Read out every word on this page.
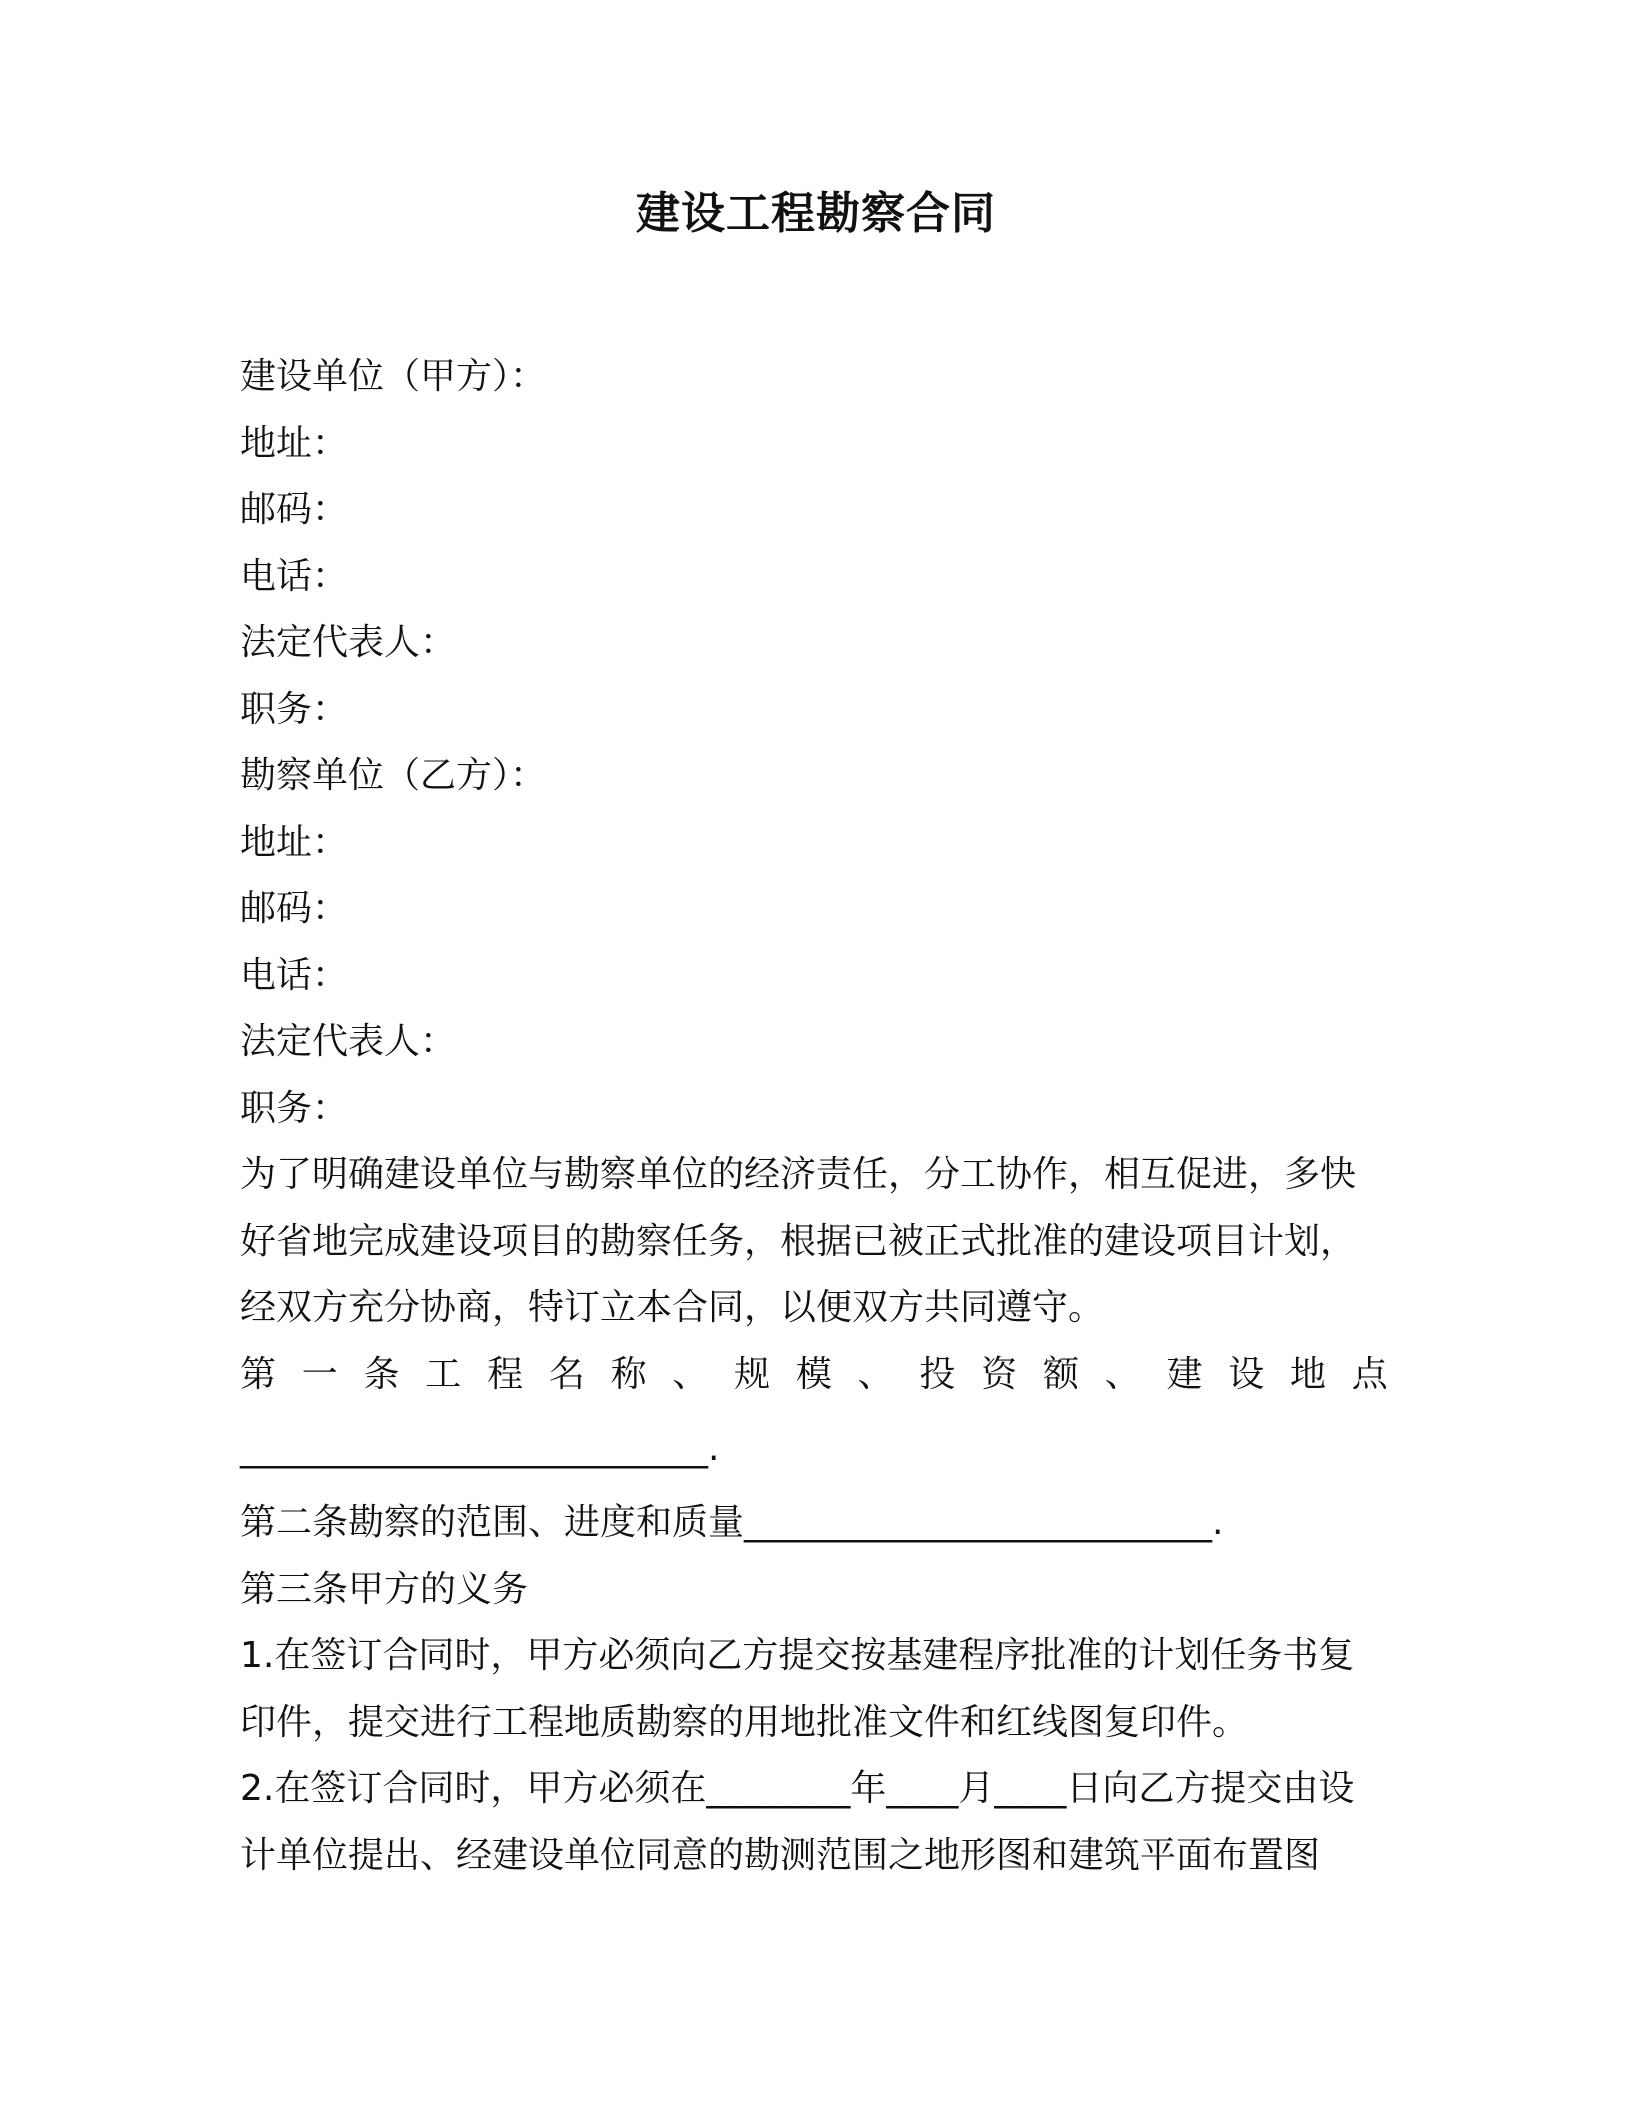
建设工程勘察合同
建设单位（甲方）：
地址：
邮码：
电话：
法定代表人：
职务：
勘察单位（乙方）：
地址：
邮码：
电话：
法定代表人：
职务：

为了明确建设单位与勘察单位的经济责任，分工协作，相互促进，多快好省地完成建设项目的勘察任务，根据已被正式批准的建设项目计划，经双方充分协商，特订立本合同，以便双方共同遵守。

第 一 条 工 程 名 称 、 规 模 、 投 资 额 、 建 设 地 点
__________________________.
第二条勘察的范围、进度和质量__________________________.
第三条甲方的义务

1.在签订合同时，甲方必须向乙方提交按基建程序批准的计划任务书复印件，提交进行工程地质勘察的用地批准文件和红线图复印件。

2.在签订合同时，甲方必须在________年____月____日向乙方提交由设计单位提出、经建设单位同意的勘测范围之地形图和建筑平面布置图
